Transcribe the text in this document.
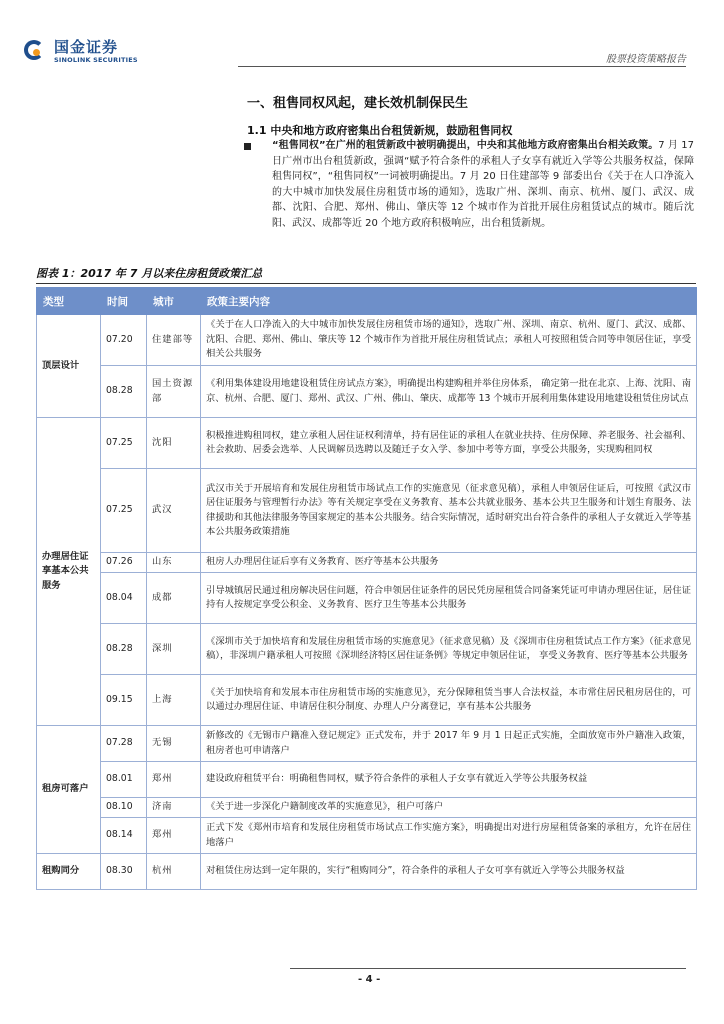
国金证券
SINOLINK SECURITIES	股票投资策略报告
一、租售同权风起，建长效机制保民生
1.1 中央和地方政府密集出台租赁新规，鼓励租售同权
“租售同权”在广州的租赁新政中被明确提出，中央和其他地方政府密集出台相关政策。7 月 17 日广州市出台租赁新政，强调“赋予符合条件的承租人子女享有就近入学等公共服务权益，保障租售同权”，“租售同权”一词被明确提出。7 月 20 日住建部等 9 部委出台《关于在人口净流入的大中城市加快发展住房租赁市场的通知》，选取广州、深圳、南京、杭州、厦门、武汉、成都、沈阳、合肥、郑州、佛山、肇庆等 12 个城市作为首批开展住房租赁试点的城市。随后沈阳、武汉、成都等近 20 个地方政府积极响应，出台租赁新规。
图表 1：2017 年 7 月以来住房租赁政策汇总
类型	时间	城市	政策主要内容
顶层设计	07.20	住建部等	《关于在人口净流入的大中城市加快发展住房租赁市场的通知》，选取广州、深圳、南京、杭州、厦门、武汉、成都、沈阳、合肥、郑州、佛山、肇庆等 12 个城市作为首批开展住房租赁试点；承租人可按照租赁合同等申领居住证，享受相关公共服务
	08.28	国土资源部	《利用集体建设用地建设租赁住房试点方案》，明确提出构建购租并举住房体系， 确定第一批在北京、上海、沈阳、南京、杭州、合肥、厦门、郑州、武汉、广州、佛山、肇庆、成都等 13 个城市开展利用集体建设用地建设租赁住房试点
办理居住证享基本公共服务	07.25	沈阳	积极推进购租同权，建立承租人居住证权利清单，持有居住证的承租人在就业扶持、住房保障、养老服务、社会福利、社会救助、居委会选举、人民调解员选聘以及随迁子女入学、参加中考等方面，享受公共服务，实现购租同权
	07.25	武汉	武汉市关于开展培育和发展住房租赁市场试点工作的实施意见（征求意见稿），承租人申领居住证后，可按照《武汉市居住证服务与管理暂行办法》等有关规定享受在义务教育、基本公共就业服务、基本公共卫生服务和计划生育服务、法律援助和其他法律服务等国家规定的基本公共服务。结合实际情况，适时研究出台符合条件的承租人子女就近入学等基本公共服务政策措施
	07.26	山东	租房人办理居住证后享有义务教育、医疗等基本公共服务
	08.04	成都	引导城镇居民通过租房解决居住问题，符合申领居住证条件的居民凭房屋租赁合同备案凭证可申请办理居住证，居住证持有人按规定享受公积金、义务教育、医疗卫生等基本公共服务
	08.28	深圳	《深圳市关于加快培育和发展住房租赁市场的实施意见》（征求意见稿）及《深圳市住房租赁试点工作方案》（征求意见稿），非深圳户籍承租人可按照《深圳经济特区居住证条例》等规定申领居住证， 享受义务教育、医疗等基本公共服务
	09.15	上海	《关于加快培育和发展本市住房租赁市场的实施意见》，充分保障租赁当事人合法权益，本市常住居民租房居住的，可以通过办理居住证、申请居住积分制度、办理人户分离登记，享有基本公共服务
租房可落户	07.28	无锡	新修改的《无锡市户籍准入登记规定》正式发布，并于 2017 年 9 月 1 日起正式实施，全面放宽市外户籍准入政策，租房者也可申请落户
	08.01	郑州	建设政府租赁平台：明确租售同权，赋予符合条件的承租人子女享有就近入学等公共服务权益
	08.10	济南	《关于进一步深化户籍制度改革的实施意见》，租户可落户
	08.14	郑州	正式下发《郑州市培育和发展住房租赁市场试点工作实施方案》，明确提出对进行房屋租赁备案的承租方，允许在居住地落户
租购同分	08.30	杭州	对租赁住房达到一定年限的，实行“租购同分”，符合条件的承租人子女可享有就近入学等公共服务权益
- 4 -
